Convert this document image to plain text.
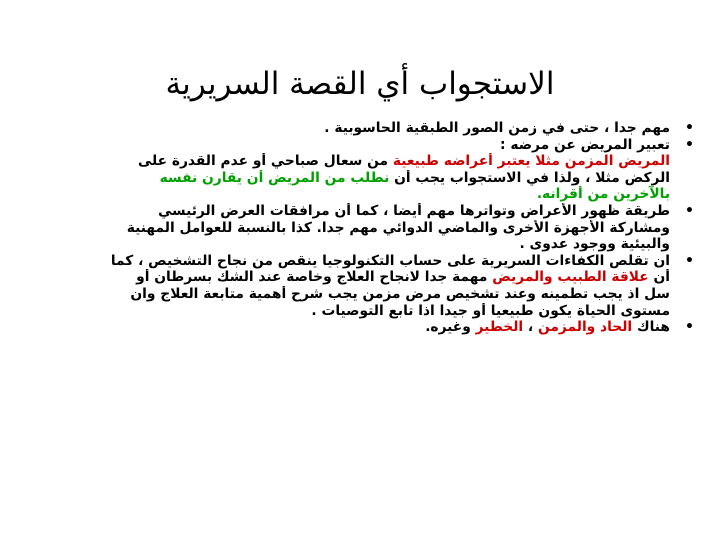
الاستجواب أي القصة السريرية
•
مهم جدا ، حتى في زمن الصور الطبقية الحاسوبية .
•
تعبير المريض عن مرضه :
المريض المزمن مثلا يعتبر أعراضه طبيعية من سعال صباحي أو عدم القدرة على
الركض مثلا ، ولذا في الاستجواب يجب أن نطلب من المريض أن يقارن نفسه
بالآخرين من أقرانه.
•
طريقة ظهور الأعراض وتواترها مهم أيضا ، كما أن مرافقات العرض الرئيسي
ومشاركة الأجهزة الأخرى والماضي الدوائي مهم جدا. كذا بالنسبة للعوامل المهنية
والبيئية ووجود عدوى .
•
ان تقلص الكفاءات السريرية على حساب التكنولوجيا ينقص من نجاح التشخيص ، كما
أن علاقة الطبيب والمريض مهمة جدا لانجاح العلاج وخاصة عند الشك بسرطان أو
سل اذ يجب تطمينه وعند تشخيص مرض مزمن يجب شرح أهمية متابعة العلاج وان
مستوى الحياة يكون طبيعيا أو جيدا اذا تابع التوصيات .
•
هناك الحاد والمزمن ، الخطير وغيره.
